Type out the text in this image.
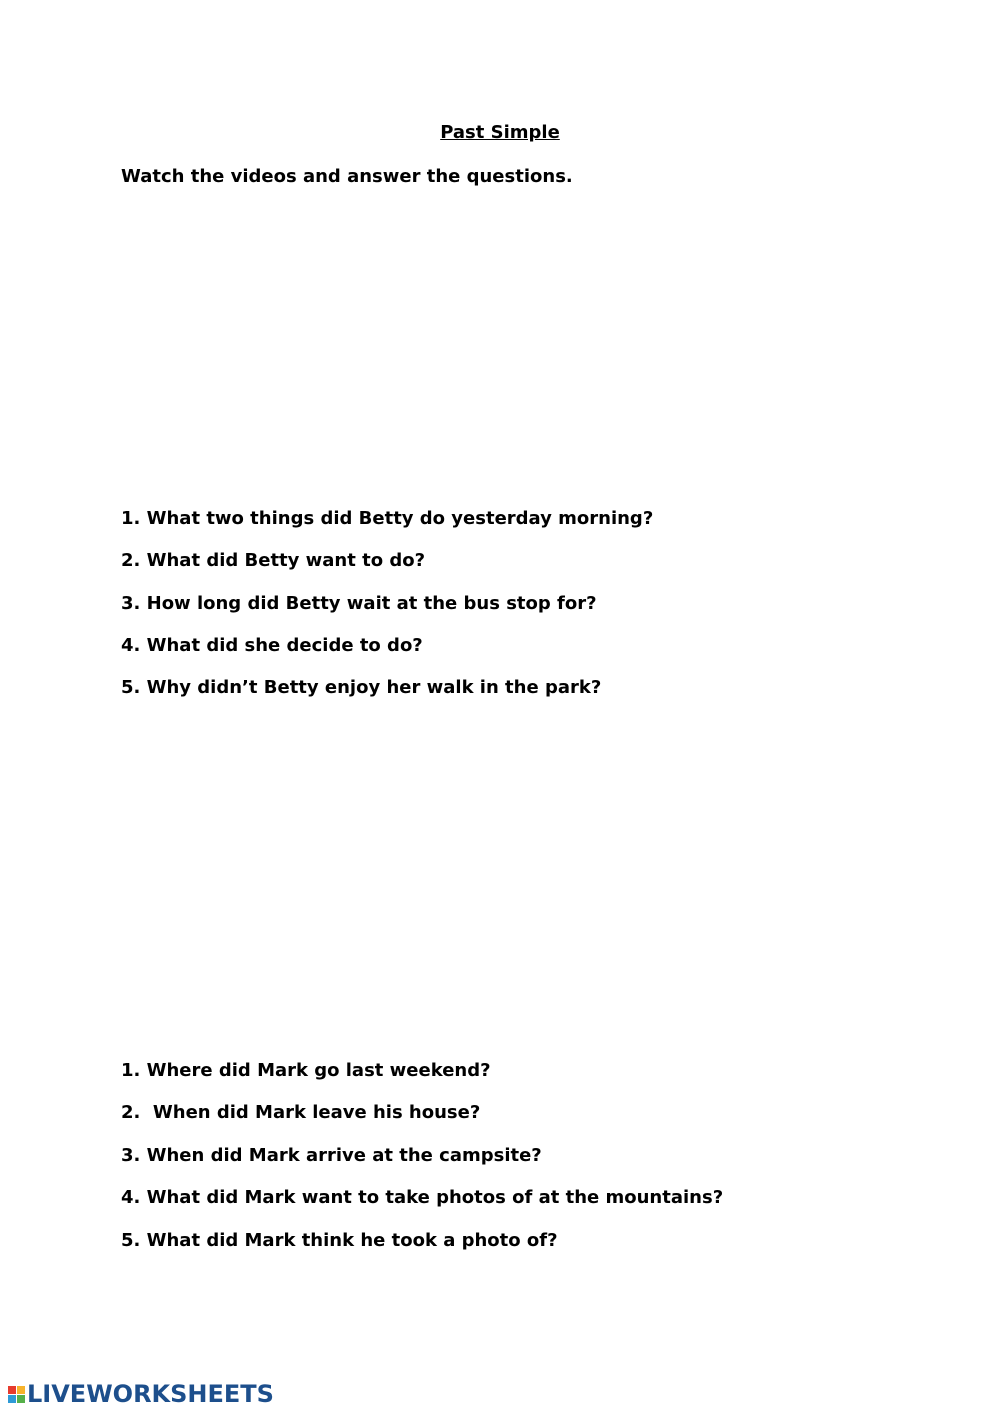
Past Simple
Watch the videos and answer the questions.
1. What two things did Betty do yesterday morning?
2. What did Betty want to do?
3. How long did Betty wait at the bus stop for?
4. What did she decide to do?
5. Why didn’t Betty enjoy her walk in the park?
1. Where did Mark go last weekend?
2.  When did Mark leave his house?
3. When did Mark arrive at the campsite?
4. What did Mark want to take photos of at the mountains?
5. What did Mark think he took a photo of?
LIVEWORKSHEETS
